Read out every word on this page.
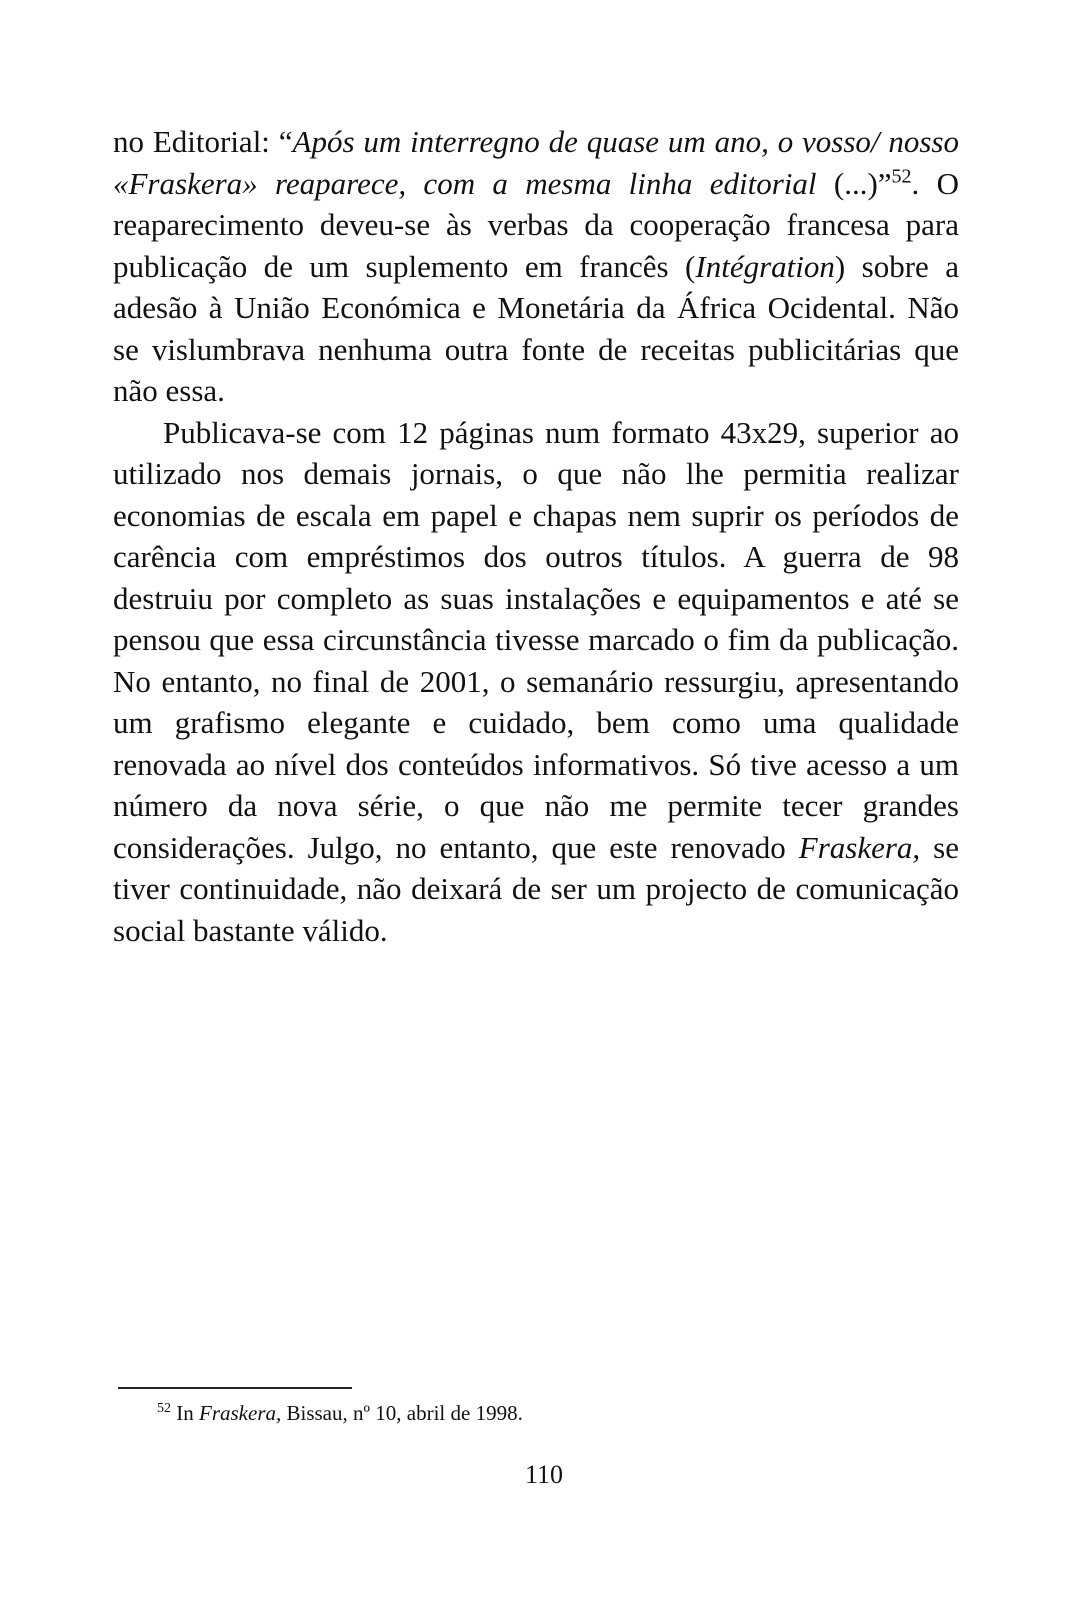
no Editorial: “Após um interregno de quase um ano, o vosso/ nosso «Fraskera» reaparece, com a mesma linha editorial (...)”$^{52}$. O reaparecimento deveu-se às verbas da cooperação francesa para publicação de um suplemento em francês (Intégration) sobre a adesão à União Económica e Monetária da África Ocidental. Não se vislumbrava nenhuma outra fonte de receitas publicitárias que não essa.

Publicava-se com 12 páginas num formato 43x29, superior ao utilizado nos demais jornais, o que não lhe permitia realizar economias de escala em papel e chapas nem suprir os períodos de carência com empréstimos dos outros títulos. A guerra de 98 destruiu por completo as suas instalações e equipamentos e até se pensou que essa circunstância tivesse marcado o fim da publicação. No entanto, no final de 2001, o semanário ressurgiu, apresentando um grafismo elegante e cuidado, bem como uma qualidade renovada ao nível dos conteúdos informativos. Só tive acesso a um número da nova série, o que não me permite tecer grandes considerações. Julgo, no entanto, que este renovado Fraskera, se tiver continuidade, não deixará de ser um projecto de comunicação social bastante válido.

$^{52}$ In Fraskera, Bissau, nº 10, abril de 1998.

110
